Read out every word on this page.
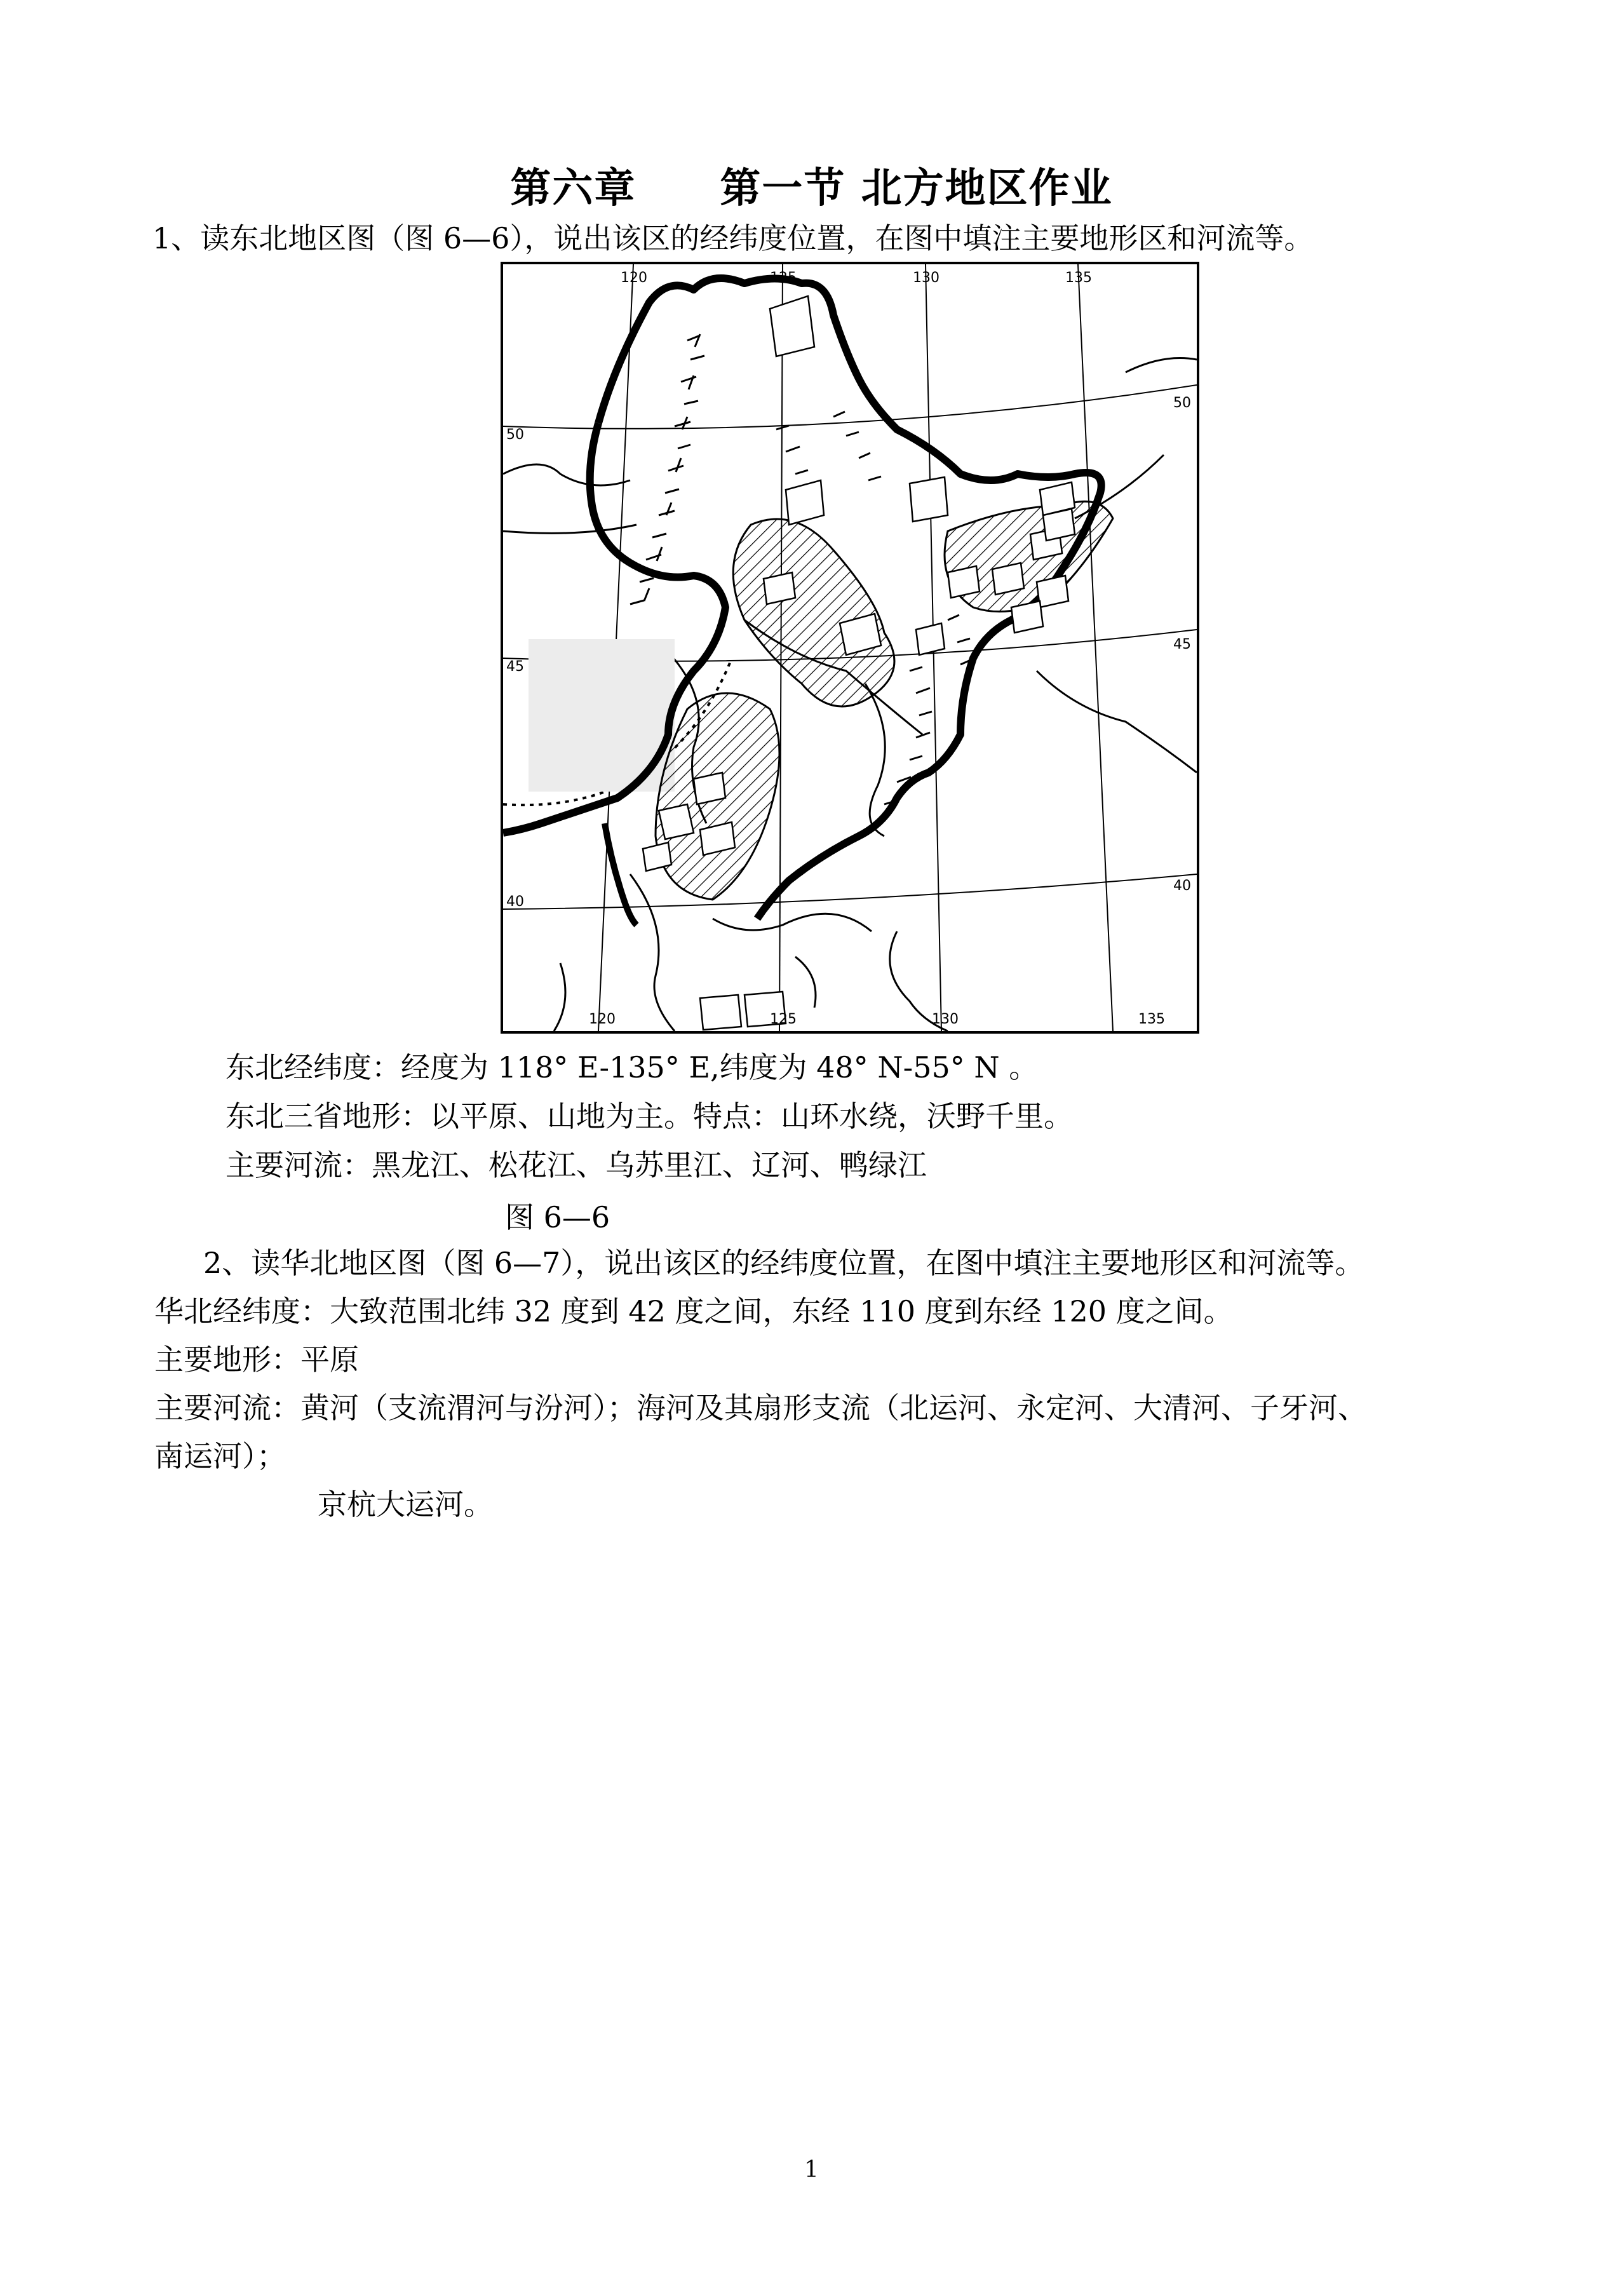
第六章　　第一节 北方地区作业
1、读东北地区图（图 6—6），说出该区的经纬度位置，在图中填注主要地形区和河流等。
120	125	130	135
120	125	130	135
50
45
40
50
45
40
东北经纬度：经度为 118° E-135° E,纬度为 48° N-55° N 。
东北三省地形：以平原、山地为主。特点：山环水绕，沃野千里。
主要河流：黑龙江、松花江、乌苏里江、辽河、鸭绿江
图 6—6
2、读华北地区图（图 6—7），说出该区的经纬度位置，在图中填注主要地形区和河流等。
华北经纬度：大致范围北纬 32 度到 42 度之间，东经 110 度到东经 120 度之间。
主要地形：平原
主要河流：黄河（支流渭河与汾河）；海河及其扇形支流（北运河、永定河、大清河、子牙河、
南运河）；
京杭大运河。
1
